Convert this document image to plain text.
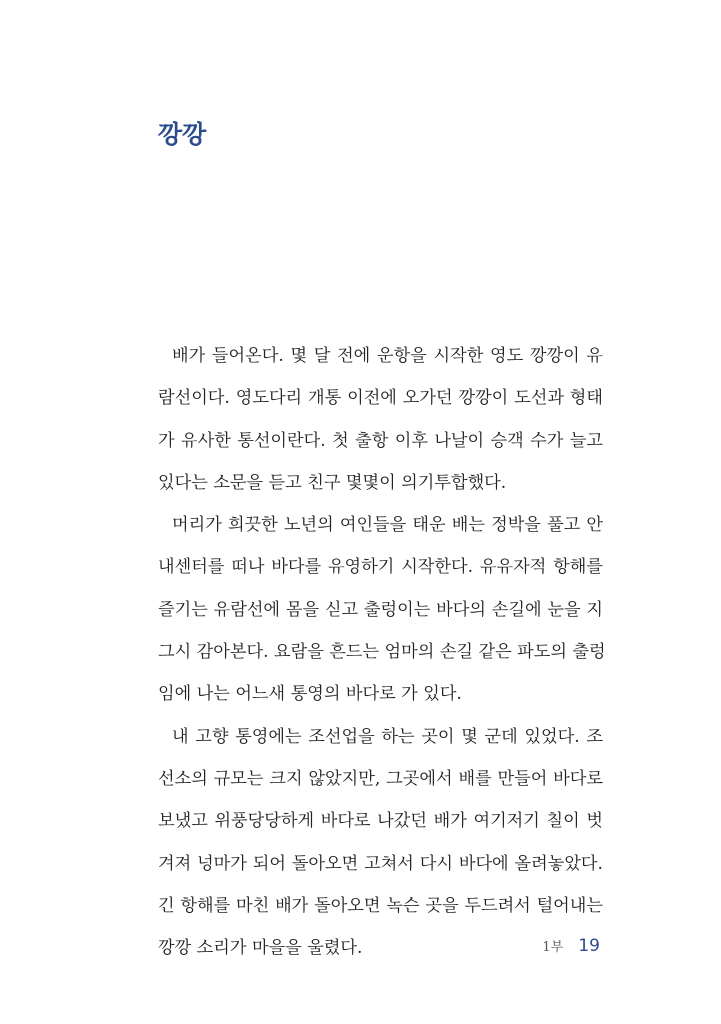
깡깡

배가 들어온다. 몇 달 전에 운항을 시작한 영도 깡깡이 유
람선이다. 영도다리 개통 이전에 오가던 깡깡이 도선과 형태
가 유사한 통선이란다. 첫 출항 이후 나날이 승객 수가 늘고
있다는 소문을 듣고 친구 몇몇이 의기투합했다.

머리가 희끗한 노년의 여인들을 태운 배는 정박을 풀고 안
내센터를 떠나 바다를 유영하기 시작한다. 유유자적 항해를
즐기는 유람선에 몸을 싣고 출렁이는 바다의 손길에 눈을 지
그시 감아본다. 요람을 흔드는 엄마의 손길 같은 파도의 출렁
임에 나는 어느새 통영의 바다로 가 있다.

내 고향 통영에는 조선업을 하는 곳이 몇 군데 있었다. 조
선소의 규모는 크지 않았지만, 그곳에서 배를 만들어 바다로
보냈고 위풍당당하게 바다로 나갔던 배가 여기저기 칠이 벗
겨져 넝마가 되어 돌아오면 고쳐서 다시 바다에 올려놓았다.
긴 항해를 마친 배가 돌아오면 녹슨 곳을 두드려서 털어내는
깡깡 소리가 마을을 울렸다.	1부 19
